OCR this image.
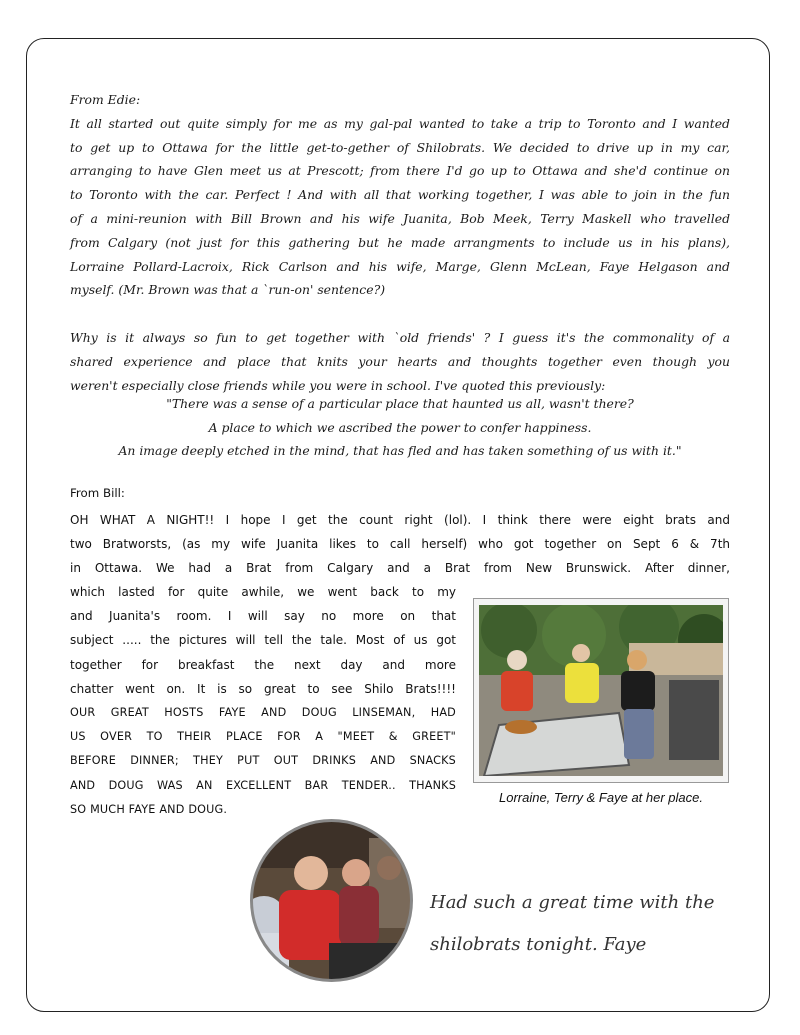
From Edie:
It all started out quite simply for me as my gal-pal wanted to take a trip to Toronto and I wanted
to get up to Ottawa for the little get-to-gether of Shilobrats. We decided to drive up in my car,
arranging to have Glen meet us at Prescott; from there I'd go up to Ottawa and she'd continue on
to Toronto with the car. Perfect ! And with all that working together, I was able to join in the fun
of a mini-reunion with Bill Brown and his wife Juanita, Bob Meek, Terry Maskell who travelled
from Calgary (not just for this gathering but he made arrangments to include us in his plans),
Lorraine Pollard-Lacroix, Rick Carlson and his wife, Marge, Glenn McLean, Faye Helgason and
myself. (Mr. Brown was that a `run-on' sentence?)
Why is it always so fun to get together with `old friends' ? I guess it's the commonality of a
shared experience and place that knits your hearts and thoughts together even though you
weren't especially close friends while you were in school. I've quoted this previously:
"There was a sense of a particular place that haunted us all, wasn't there?
A place to which we ascribed the power to confer happiness.
An image deeply etched in the mind, that has fled and has taken something of us with it."
From Bill:
OH WHAT A NIGHT!! I hope I get the count right (lol). I think there were eight brats and
two Bratworsts, (as my wife Juanita likes to call herself) who got together on Sept 6 & 7th
in Ottawa. We had a Brat from Calgary and a Brat from New Brunswick. After dinner,
which lasted for quite awhile, we went back to my
and Juanita's room. I will say no more on that
subject ..... the pictures will tell the tale. Most of us got
together for breakfast the next day and more
chatter went on. It is so great to see Shilo Brats!!!!
OUR GREAT HOSTS FAYE AND DOUG LINSEMAN, HAD
US OVER TO THEIR PLACE FOR A "MEET & GREET"
BEFORE DINNER; THEY PUT OUT DRINKS AND SNACKS
AND DOUG WAS AN EXCELLENT BAR TENDER.. THANKS
SO MUCH FAYE AND DOUG.
Lorraine, Terry & Faye at her place.
Had such a great time with the
shilobrats tonight. Faye
